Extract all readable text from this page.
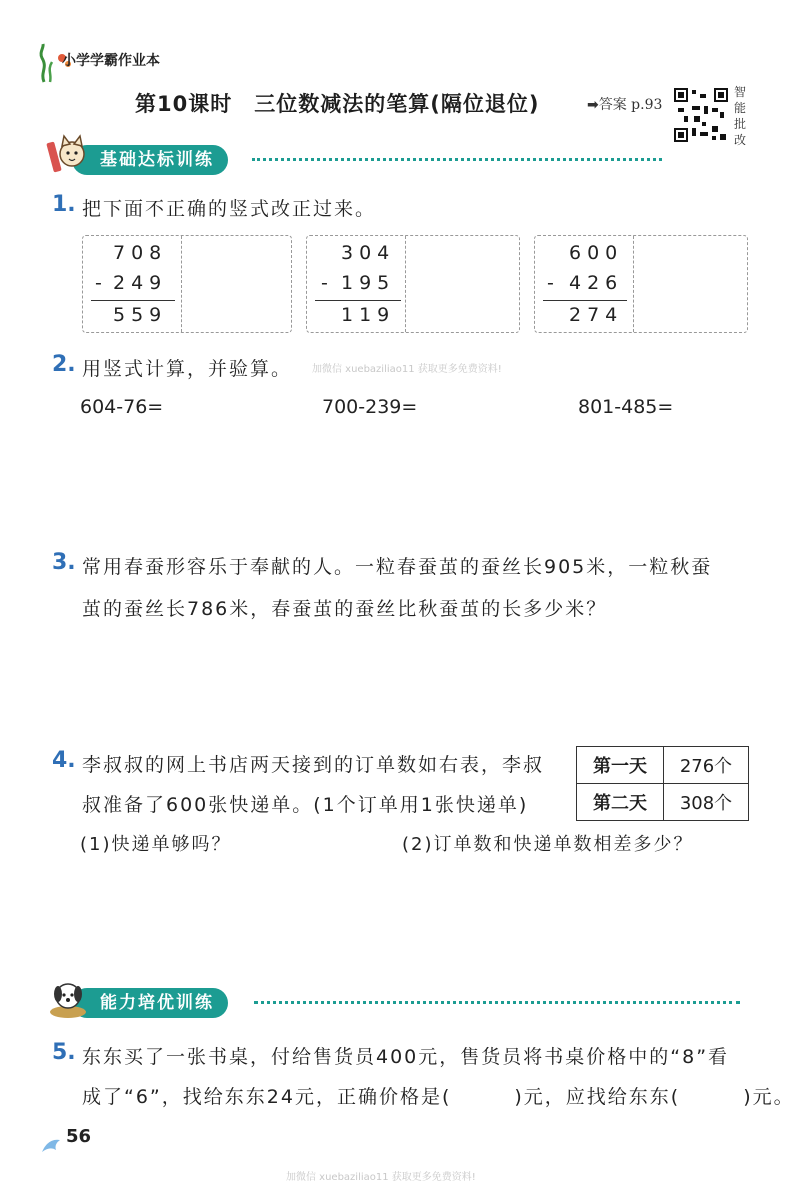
小学学霸作业本
第10课时　三位数减法的笔算(隔位退位)	➡答案 p.93
智
能
批
改
基础达标训练
1. 把下面不正确的竖式改正过来。
708
- 249
559
304
- 195
119
600
- 426
274
2. 用竖式计算，并验算。 加微信 xuebaziliao11 获取更多免费资料!
604-76=	700-239=	801-485=
3. 常用春蚕形容乐于奉献的人。一粒春蚕茧的蚕丝长905米，一粒秋蚕
茧的蚕丝长786米，春蚕茧的蚕丝比秋蚕茧的长多少米？
4. 李叔叔的网上书店两天接到的订单数如右表，李叔
叔准备了600张快递单。(1个订单用1张快递单)
第一天	276个
第二天	308个
(1)快递单够吗？	(2)订单数和快递单数相差多少？
能力培优训练
5. 东东买了一张书桌，付给售货员400元，售货员将书桌价格中的“8”看
成了“6”，找给东东24元，正确价格是(　　　)元，应找给东东(　　　)元。
56
加微信 xuebaziliao11 获取更多免费资料!
